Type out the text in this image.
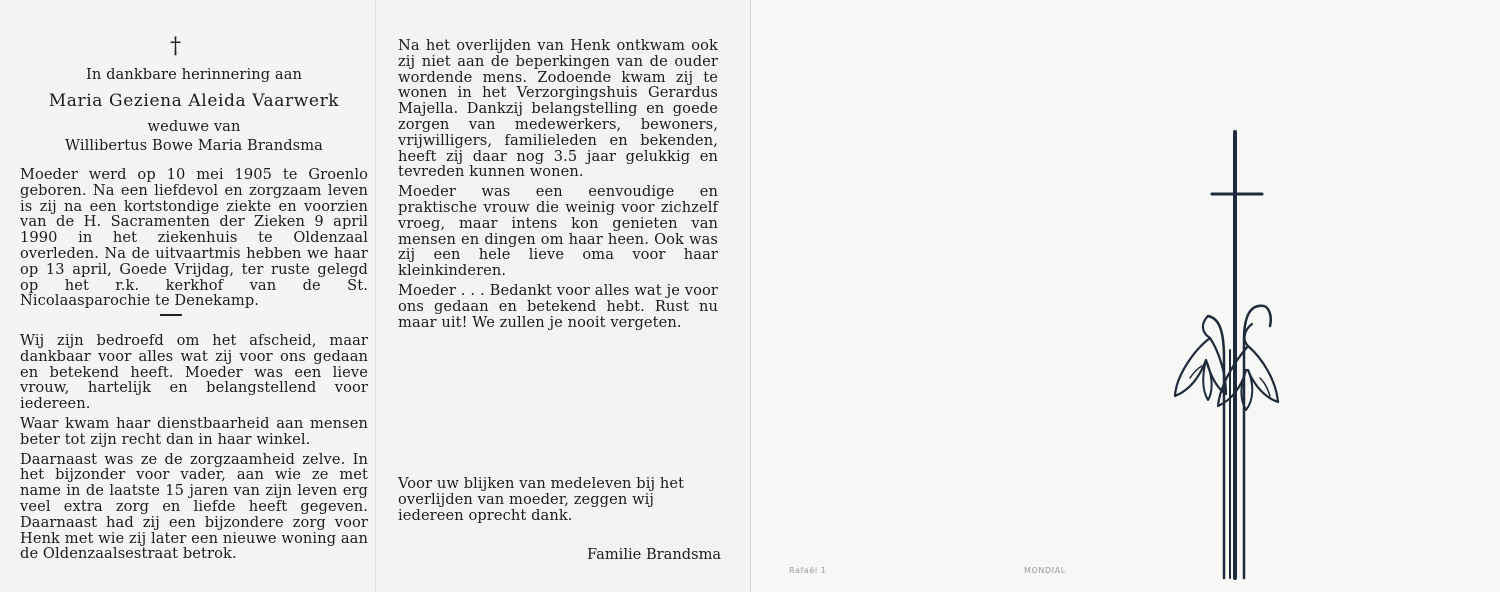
†
In dankbare herinnering aan
Maria Geziena Aleida Vaarwerk
weduwe van
Willibertus Bowe Maria Brandsma

Moeder werd op 10 mei 1905 te Groenlo geboren. Na een liefdevol en zorgzaam leven is zij na een kortstondige ziekte en voorzien van de H. Sacramenten der Zieken 9 april 1990 in het ziekenhuis te Oldenzaal overleden. Na de uitvaartmis hebben we haar op 13 april, Goede Vrijdag, ter ruste gelegd op het r.k. kerkhof van de St. Nicolaasparochie te Denekamp.

Wij zijn bedroefd om het afscheid, maar dankbaar voor alles wat zij voor ons gedaan en betekend heeft. Moeder was een lieve vrouw, hartelijk en belangstellend voor iedereen.

Waar kwam haar dienstbaarheid aan mensen beter tot zijn recht dan in haar winkel.

Daarnaast was ze de zorgzaamheid zelve. In het bijzonder voor vader, aan wie ze met name in de laatste 15 jaren van zijn leven erg veel extra zorg en liefde heeft gegeven. Daarnaast had zij een bijzondere zorg voor Henk met wie zij later een nieuwe woning aan de Oldenzaalsestraat betrok.

Na het overlijden van Henk ontkwam ook zij niet aan de beperkingen van de ouder wordende mens. Zodoende kwam zij te wonen in het Verzorgingshuis Gerardus Majella. Dankzij belangstelling en goede zorgen van medewerkers, bewoners, vrijwilligers, familieleden en bekenden, heeft zij daar nog 3.5 jaar gelukkig en tevreden kunnen wonen.

Moeder was een eenvoudige en praktische vrouw die weinig voor zichzelf vroeg, maar intens kon genieten van mensen en dingen om haar heen. Ook was zij een hele lieve oma voor haar kleinkinderen.

Moeder . . . Bedankt voor alles wat je voor ons gedaan en betekend hebt. Rust nu maar uit! We zullen je nooit vergeten.

Voor uw blijken van medeleven bij het overlijden van moeder, zeggen wij iedereen oprecht dank.

Familie Brandsma
Rafaël 1	MONDIAL
